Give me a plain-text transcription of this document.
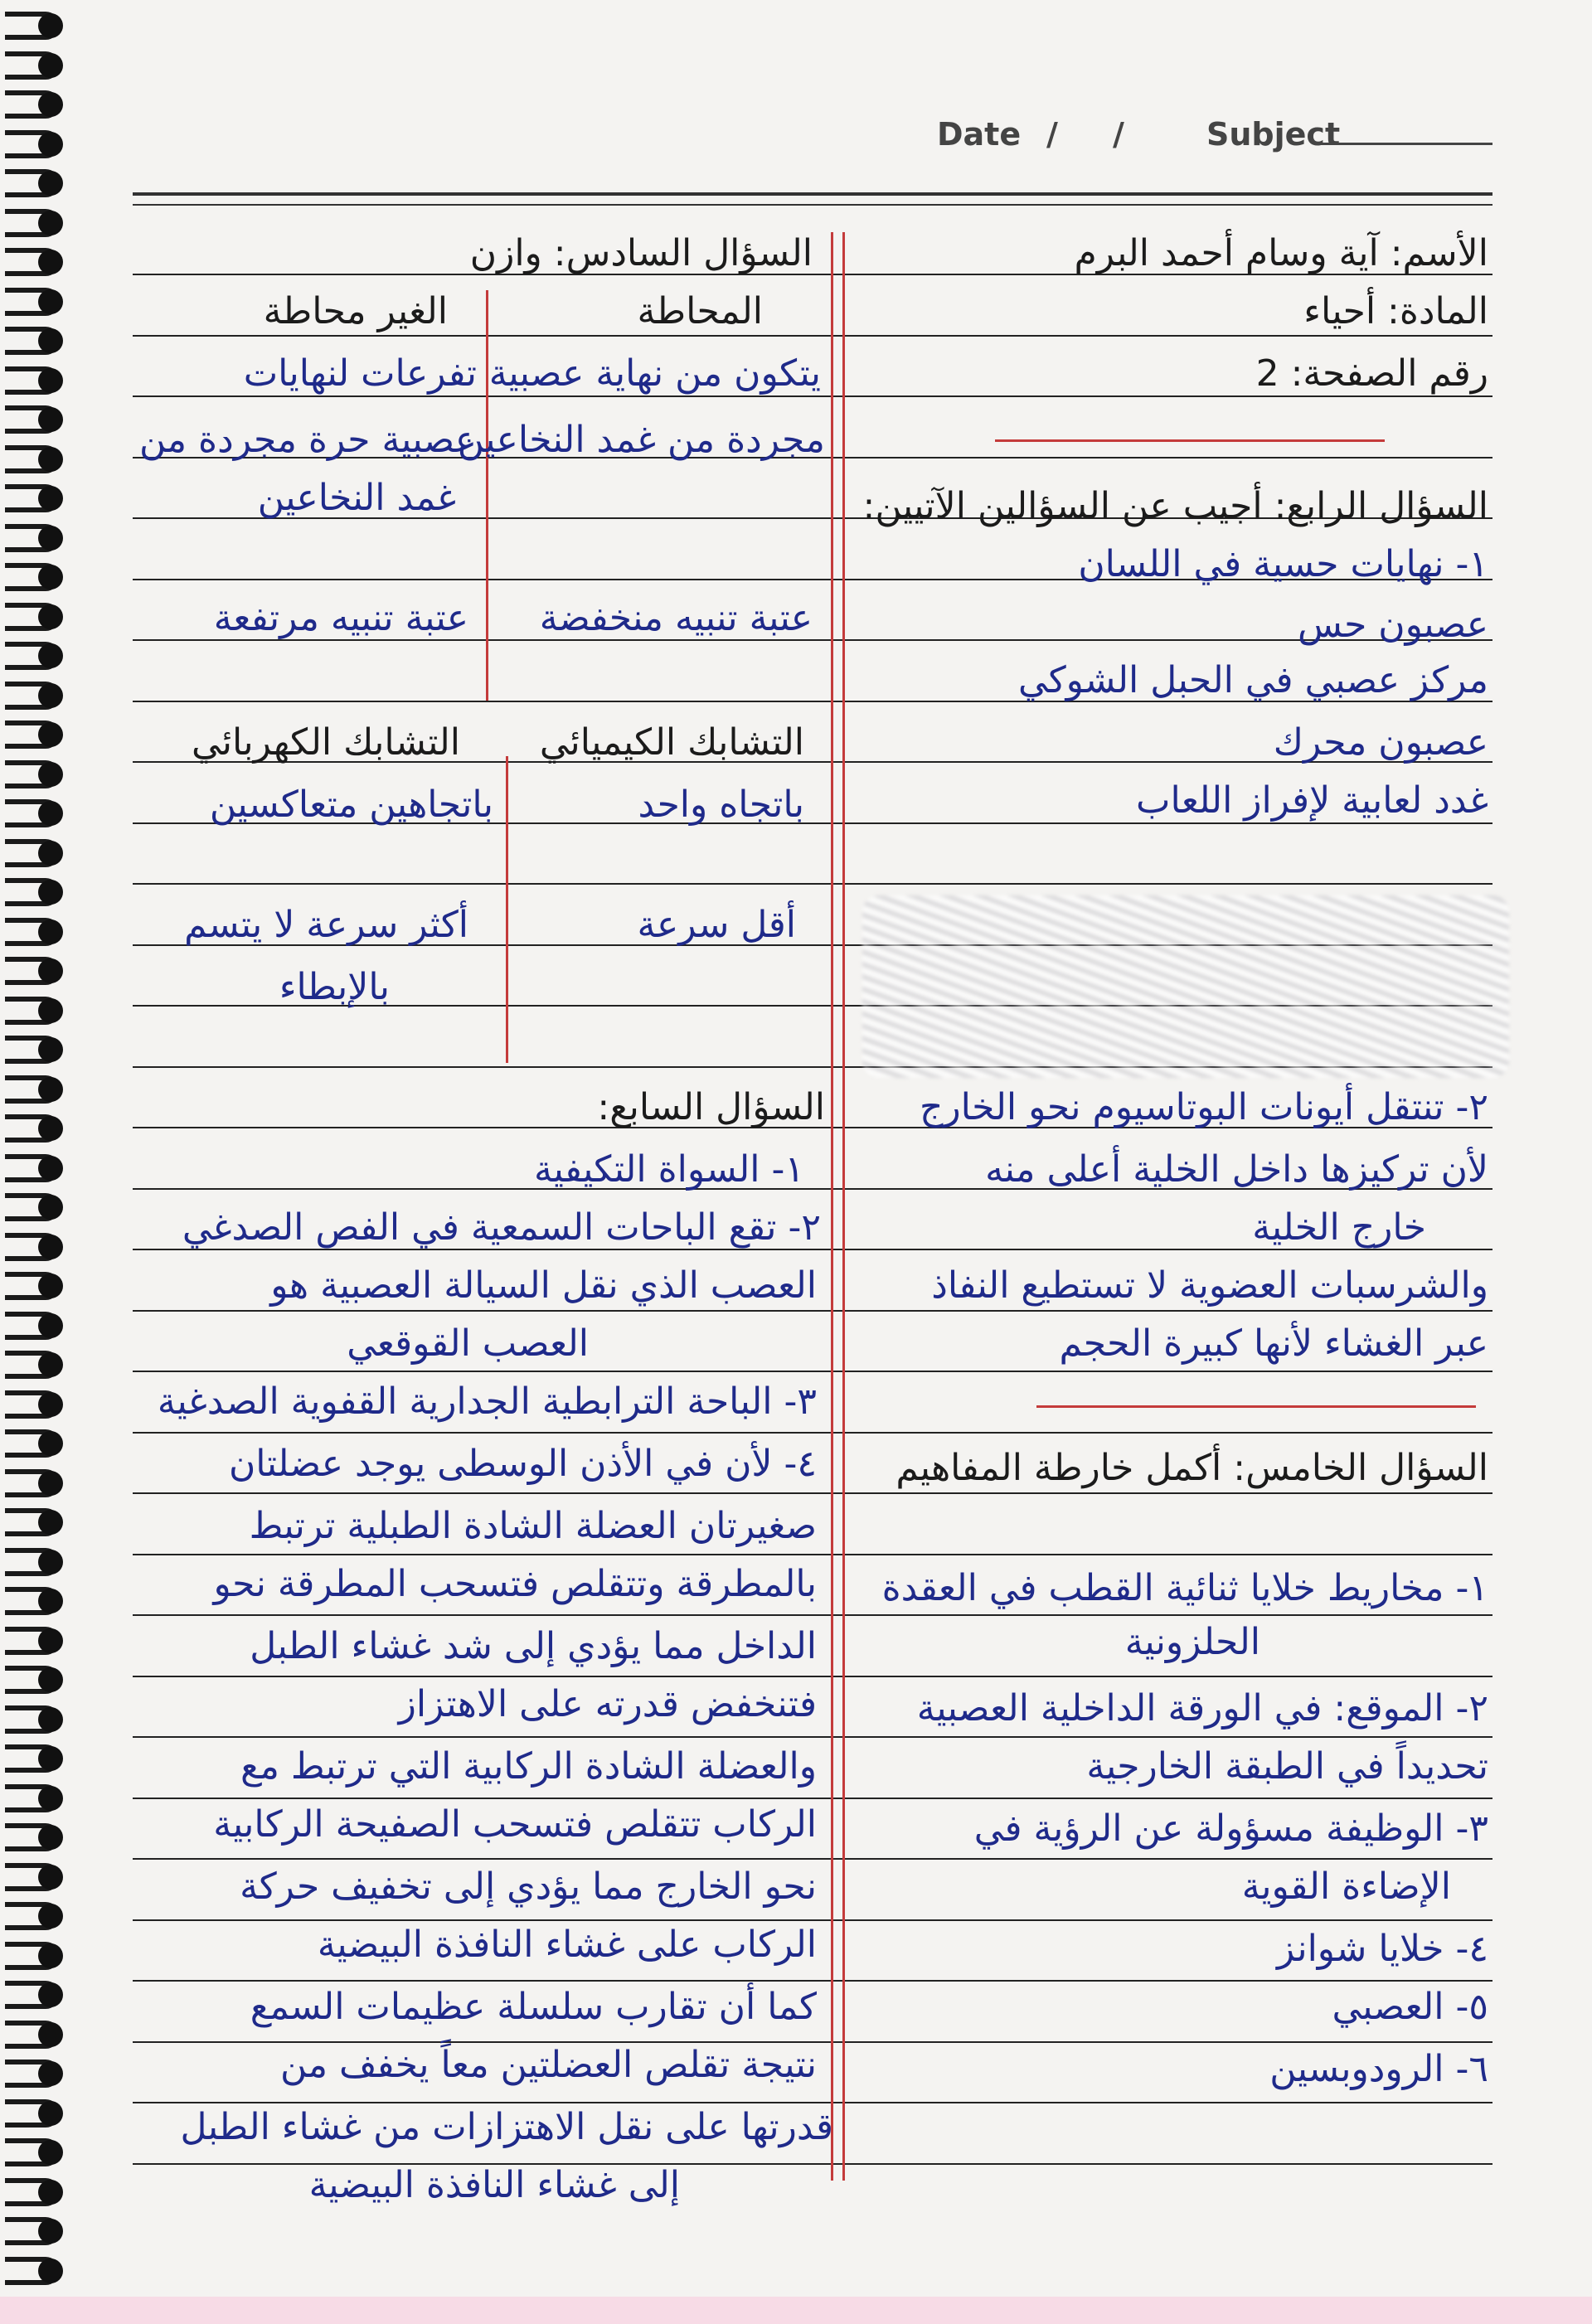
Date / /	Subject
الأسم: آية وسام أحمد البرم
المادة: أحياء
رقم الصفحة: 2
السؤال الرابع: أجيب عن السؤالين الآتيين:
١- نهايات حسية في اللسان
عصبون حس
مركز عصبي في الحبل الشوكي
عصبون محرك
غدد لعابية لإفراز اللعاب
٢- تنتقل أيونات البوتاسيوم نحو الخارج
لأن تركيزها داخل الخلية أعلى منه
خارج الخلية
والشرسبات العضوية لا تستطيع النفاذ
عبر الغشاء لأنها كبيرة الحجم
السؤال الخامس: أكمل خارطة المفاهيم
١- مخاريط خلايا ثنائية القطب في العقدة
الحلزونية
٢- الموقع: في الورقة الداخلية العصبية
تحديداً في الطبقة الخارجية
٣- الوظيفة مسؤولة عن الرؤية في
الإضاءة القوية
٤- خلايا شوانز
٥- العصبي
٦- الرودوبسين
السؤال السادس: وازن
المحاطة
الغير محاطة
يتكون من نهاية عصبية
تفرعات لنهايات
مجردة من غمد النخاعين
عصبية حرة مجردة من
غمد النخاعين
عتبة تنبيه منخفضة
عتبة تنبيه مرتفعة
التشابك الكيميائي
التشابك الكهربائي
باتجاه واحد
باتجاهين متعاكسين
أقل سرعة
أكثر سرعة لا يتسم
بالإبطاء
السؤال السابع:
١- السواة التكيفية
٢- تقع الباحات السمعية في الفص الصدغي
العصب الذي نقل السيالة العصبية هو
العصب القوقعي
٣- الباحة الترابطية الجدارية القفوية الصدغية
٤- لأن في الأذن الوسطى يوجد عضلتان
صغيرتان العضلة الشادة الطبلية ترتبط
بالمطرقة وتتقلص فتسحب المطرقة نحو
الداخل مما يؤدي إلى شد غشاء الطبل
فتنخفض قدرته على الاهتزاز
والعضلة الشادة الركابية التي ترتبط مع
الركاب تتقلص فتسحب الصفيحة الركابية
نحو الخارج مما يؤدي إلى تخفيف حركة
الركاب على غشاء النافذة البيضية
كما أن تقارب سلسلة عظيمات السمع
نتيجة تقلص العضلتين معاً يخفف من
قدرتها على نقل الاهتزازات من غشاء الطبل
إلى غشاء النافذة البيضية
